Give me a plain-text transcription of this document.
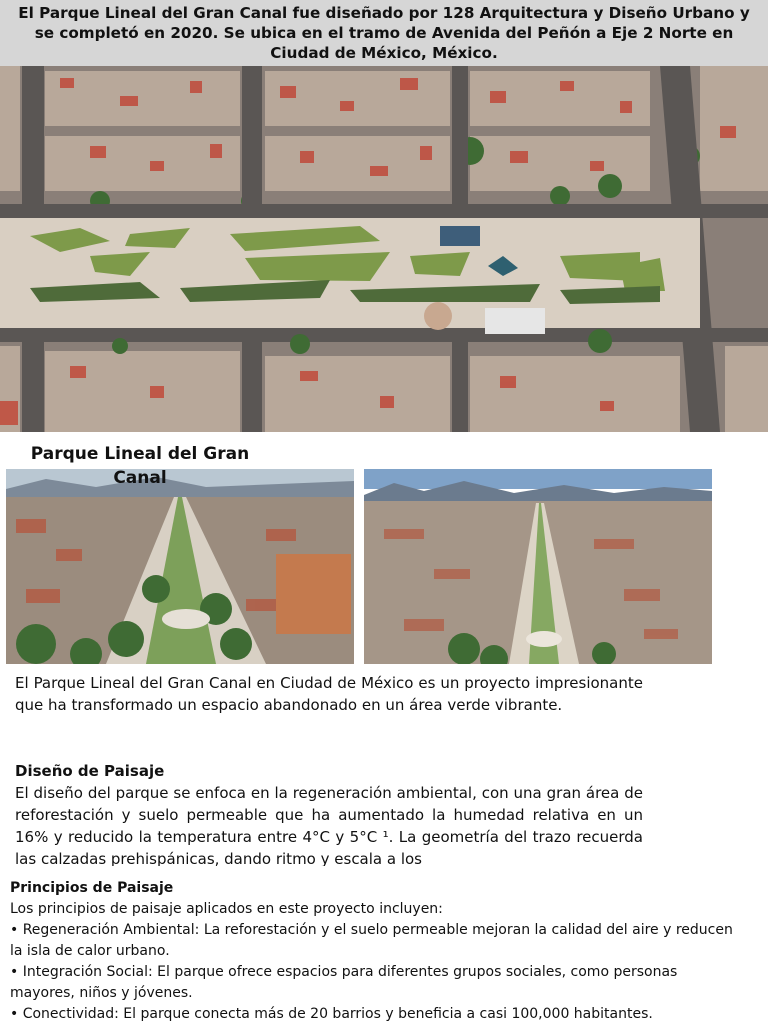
El Parque Lineal del Gran Canal fue diseñado por 128 Arquitectura y Diseño Urbano y se completó en 2020. Se ubica en el tramo de Avenida del Peñón a Eje 2 Norte en Ciudad de México, México.
Parque Lineal del Gran Canal
El Parque Lineal del Gran Canal en Ciudad de México es un proyecto impresionante que ha transformado un espacio abandonado en un área verde vibrante.
Diseño de Paisaje
El diseño del parque se enfoca en la regeneración ambiental, con una gran área de reforestación y suelo permeable que ha aumentado la humedad relativa en un 16% y reducido la temperatura entre 4°C y 5°C ¹. La geometría del trazo recuerda las calzadas prehispánicas, dando ritmo y escala a los
Principios de Paisaje
Los principios de paisaje aplicados en este proyecto incluyen:
• Regeneración Ambiental: La reforestación y el suelo permeable mejoran la calidad del aire y reducen la isla de calor urbano.
• Integración Social: El parque ofrece espacios para diferentes grupos sociales, como personas mayores, niños y jóvenes.
• Conectividad: El parque conecta más de 20 barrios y beneficia a casi 100,000 habitantes.
